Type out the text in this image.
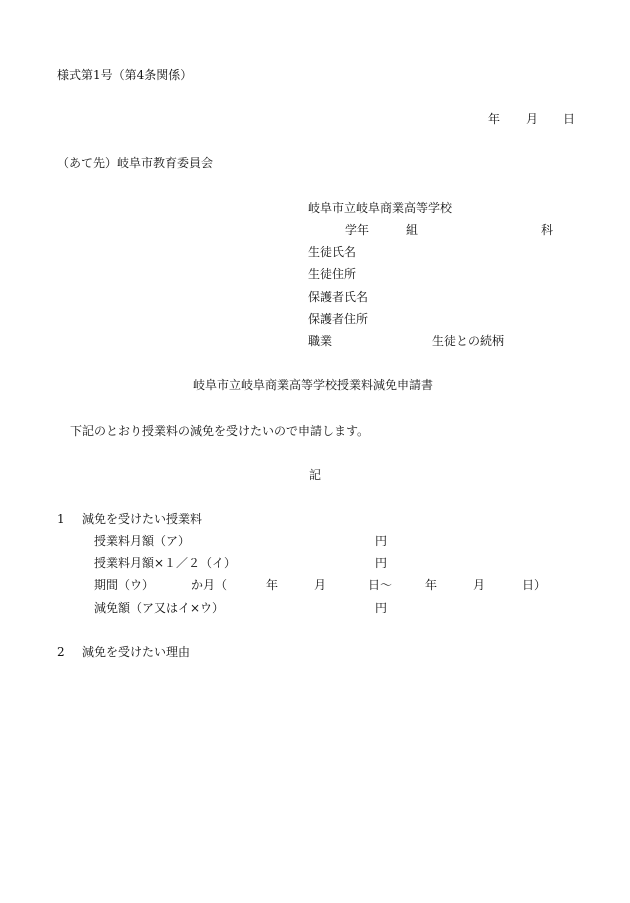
様式第1号（第4条関係）
年 月 日
（あて先）岐阜市教育委員会
岐阜市立岐阜商業高等学校
学年	組	科
生徒氏名
生徒住所
保護者氏名
保護者住所
職業	生徒との続柄
岐阜市立岐阜商業高等学校授業料減免申請書
下記のとおり授業料の減免を受けたいので申請します。
記
1 減免を受けたい授業料
授業料月額（ア）	円
授業料月額×１／２（イ）	円
期間（ウ）	か月（	年	月	日～	年	月	日）
減免額（ア又はイ×ウ）	円
2 減免を受けたい理由
